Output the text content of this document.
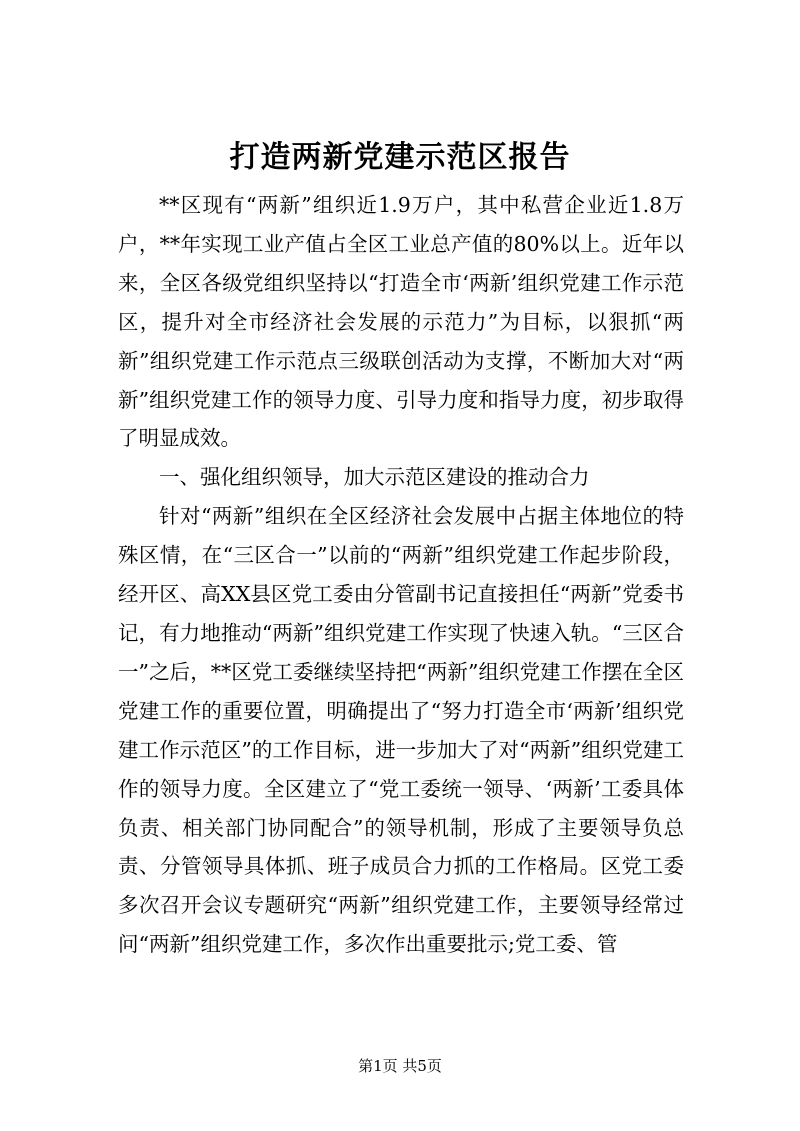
打造两新党建示范区报告

**区现有“两新”组织近1.9万户，其中私营企业近1.8万户，**年实现工业产值占全区工业总产值的80%以上。近年以来，全区各级党组织坚持以“打造全市‘两新’组织党建工作示范区，提升对全市经济社会发展的示范力”为目标，以狠抓“两新”组织党建工作示范点三级联创活动为支撑，不断加大对“两新”组织党建工作的领导力度、引导力度和指导力度，初步取得了明显成效。

一、强化组织领导，加大示范区建设的推动合力

针对“两新”组织在全区经济社会发展中占据主体地位的特殊区情，在“三区合一”以前的“两新”组织党建工作起步阶段，经开区、高XX县区党工委由分管副书记直接担任“两新”党委书记，有力地推动“两新”组织党建工作实现了快速入轨。“三区合一”之后，**区党工委继续坚持把“两新”组织党建工作摆在全区党建工作的重要位置，明确提出了“努力打造全市‘两新’组织党建工作示范区”的工作目标，进一步加大了对“两新”组织党建工作的领导力度。全区建立了“党工委统一领导、‘两新’工委具体负责、相关部门协同配合”的领导机制，形成了主要领导负总责、分管领导具体抓、班子成员合力抓的工作格局。区党工委多次召开会议专题研究“两新”组织党建工作，主要领导经常过问“两新”组织党建工作，多次作出重要批示;党工委、管

第1页 共5页
